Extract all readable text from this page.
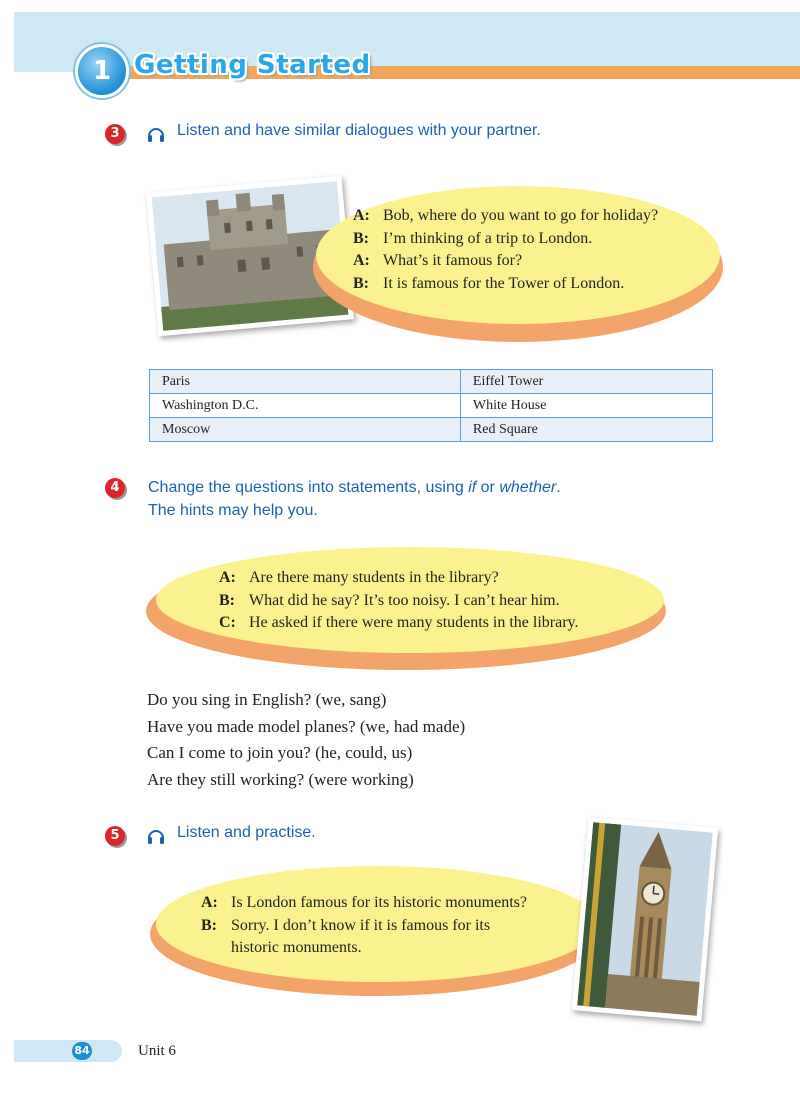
1 Getting Started
3	Listen and have similar dialogues with your partner.
A: Bob, where do you want to go for holiday?
B: I’m thinking of a trip to London.
A: What’s it famous for?
B: It is famous for the Tower of London.
Paris	Eiffel Tower
Washington D.C.	White House
Moscow	Red Square
4	Change the questions into statements, using if or whether.
The hints may help you.
A: Are there many students in the library?
B: What did he say? It’s too noisy. I can’t hear him.
C: He asked if there were many students in the library.
Do you sing in English? (we, sang)
Have you made model planes? (we, had made)
Can I come to join you? (he, could, us)
Are they still working? (were working)
5	Listen and practise.
A: Is London famous for its historic monuments?
B: Sorry. I don’t know if it is famous for its
historic monuments.
84	Unit 6
